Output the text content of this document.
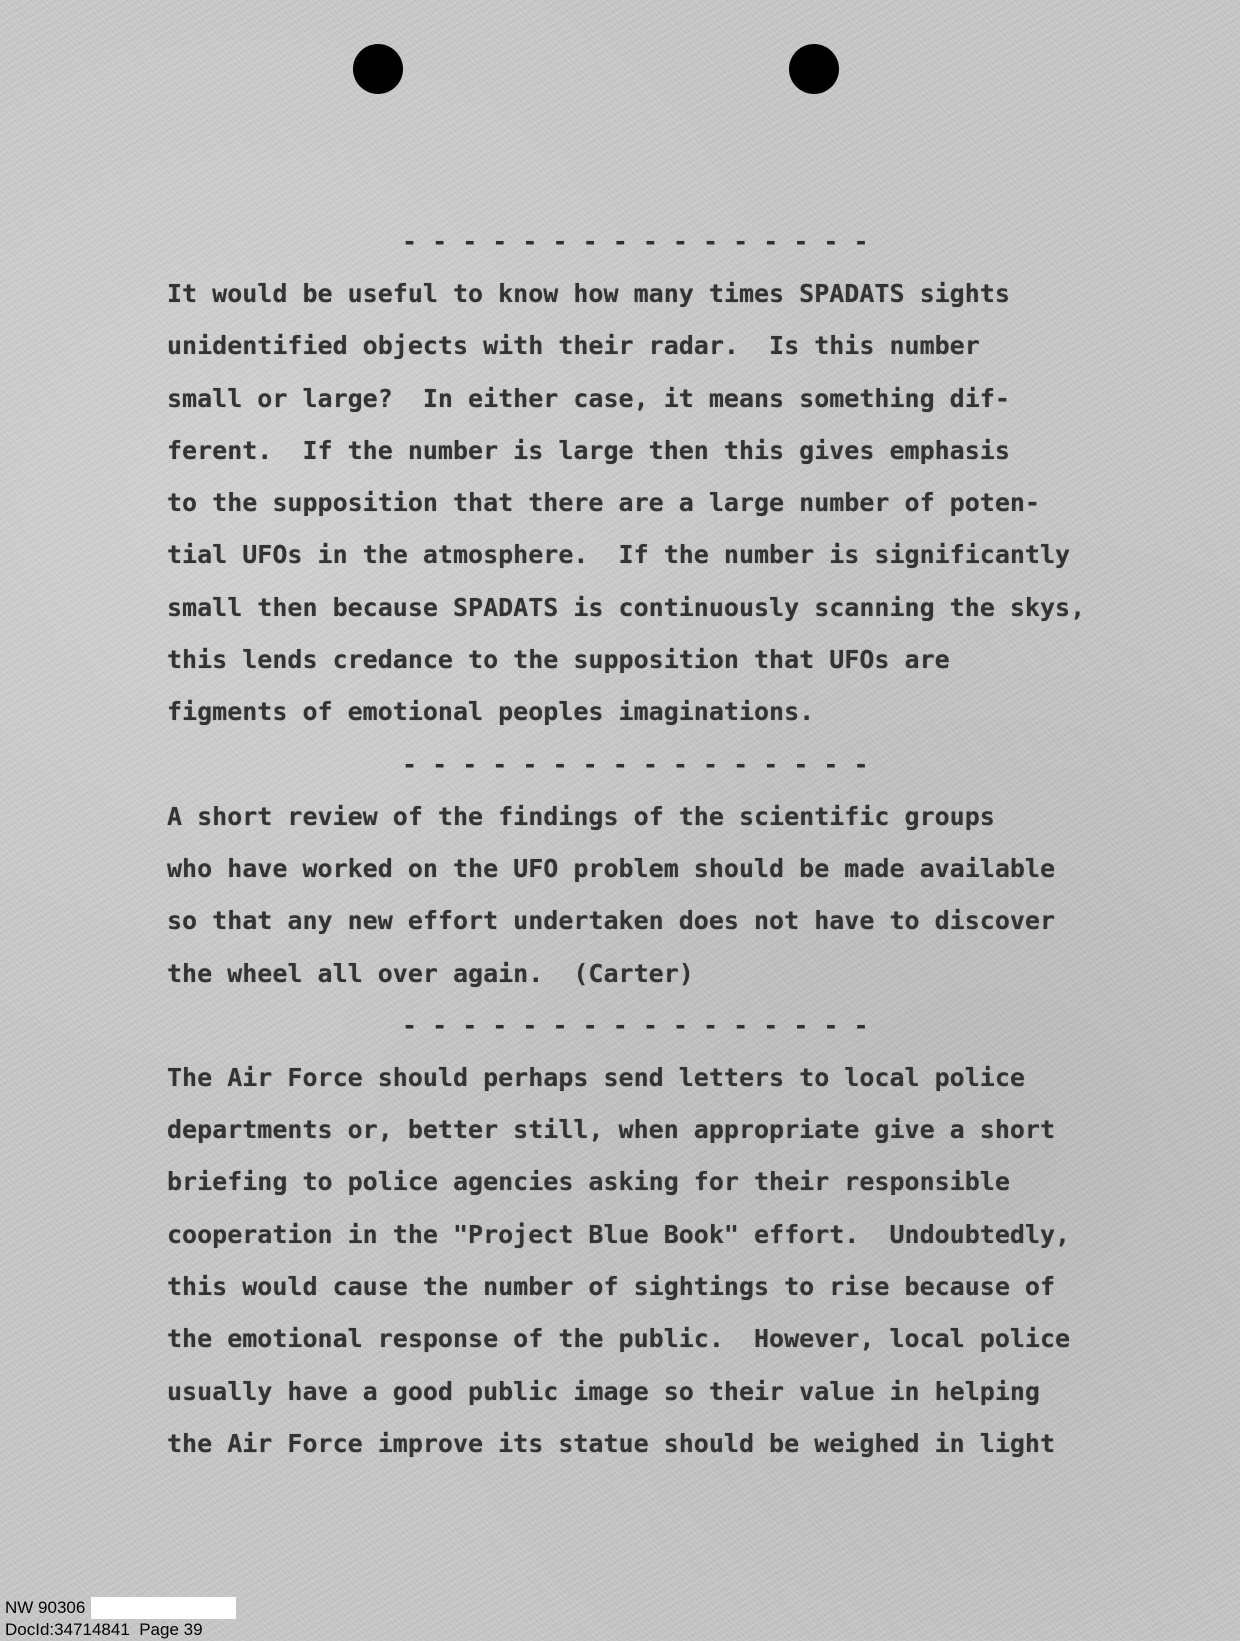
- - - - - - - - - - - - - - - -
It would be useful to know how many times SPADATS sights
unidentified objects with their radar.  Is this number
small or large?  In either case, it means something dif-
ferent.  If the number is large then this gives emphasis
to the supposition that there are a large number of poten-
tial UFOs in the atmosphere.  If the number is significantly
small then because SPADATS is continuously scanning the skys,
this lends credance to the supposition that UFOs are
figments of emotional peoples imaginations.
- - - - - - - - - - - - - - - -
A short review of the findings of the scientific groups
who have worked on the UFO problem should be made available
so that any new effort undertaken does not have to discover
the wheel all over again.  (Carter)
- - - - - - - - - - - - - - - -
The Air Force should perhaps send letters to local police
departments or, better still, when appropriate give a short
briefing to police agencies asking for their responsible
cooperation in the "Project Blue Book" effort.  Undoubtedly,
this would cause the number of sightings to rise because of
the emotional response of the public.  However, local police
usually have a good public image so their value in helping
the Air Force improve its statue should be weighed in light
NW 90306
DocId:34714841  Page 39
